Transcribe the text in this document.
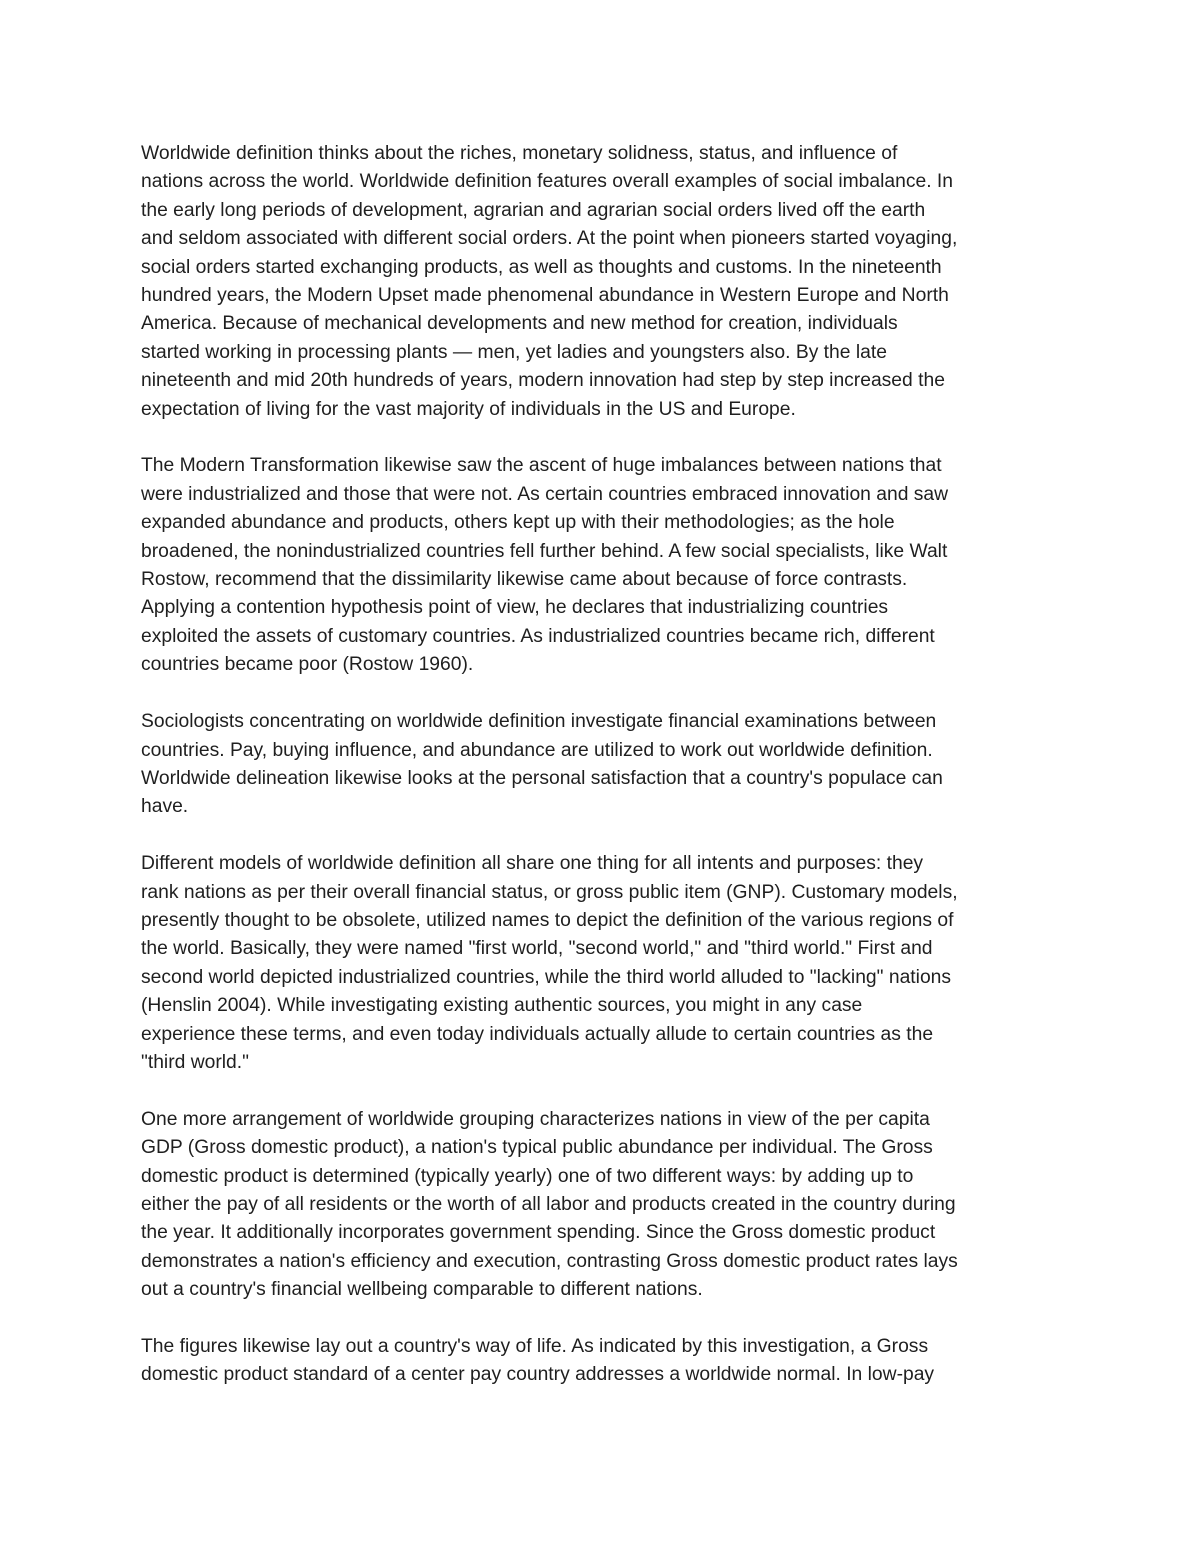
Worldwide definition thinks about the riches, monetary solidness, status, and influence of
nations across the world. Worldwide definition features overall examples of social imbalance. In
the early long periods of development, agrarian and agrarian social orders lived off the earth
and seldom associated with different social orders. At the point when pioneers started voyaging,
social orders started exchanging products, as well as thoughts and customs. In the nineteenth
hundred years, the Modern Upset made phenomenal abundance in Western Europe and North
America. Because of mechanical developments and new method for creation, individuals
started working in processing plants — men, yet ladies and youngsters also. By the late
nineteenth and mid 20th hundreds of years, modern innovation had step by step increased the
expectation of living for the vast majority of individuals in the US and Europe.
The Modern Transformation likewise saw the ascent of huge imbalances between nations that
were industrialized and those that were not. As certain countries embraced innovation and saw
expanded abundance and products, others kept up with their methodologies; as the hole
broadened, the nonindustrialized countries fell further behind. A few social specialists, like Walt
Rostow, recommend that the dissimilarity likewise came about because of force contrasts.
Applying a contention hypothesis point of view, he declares that industrializing countries
exploited the assets of customary countries. As industrialized countries became rich, different
countries became poor (Rostow 1960).
Sociologists concentrating on worldwide definition investigate financial examinations between
countries. Pay, buying influence, and abundance are utilized to work out worldwide definition.
Worldwide delineation likewise looks at the personal satisfaction that a country's populace can
have.
Different models of worldwide definition all share one thing for all intents and purposes: they
rank nations as per their overall financial status, or gross public item (GNP). Customary models,
presently thought to be obsolete, utilized names to depict the definition of the various regions of
the world. Basically, they were named "first world, "second world," and "third world." First and
second world depicted industrialized countries, while the third world alluded to "lacking" nations
(Henslin 2004). While investigating existing authentic sources, you might in any case
experience these terms, and even today individuals actually allude to certain countries as the
"third world."
One more arrangement of worldwide grouping characterizes nations in view of the per capita
GDP (Gross domestic product), a nation's typical public abundance per individual. The Gross
domestic product is determined (typically yearly) one of two different ways: by adding up to
either the pay of all residents or the worth of all labor and products created in the country during
the year. It additionally incorporates government spending. Since the Gross domestic product
demonstrates a nation's efficiency and execution, contrasting Gross domestic product rates lays
out a country's financial wellbeing comparable to different nations.
The figures likewise lay out a country's way of life. As indicated by this investigation, a Gross
domestic product standard of a center pay country addresses a worldwide normal. In low-pay
